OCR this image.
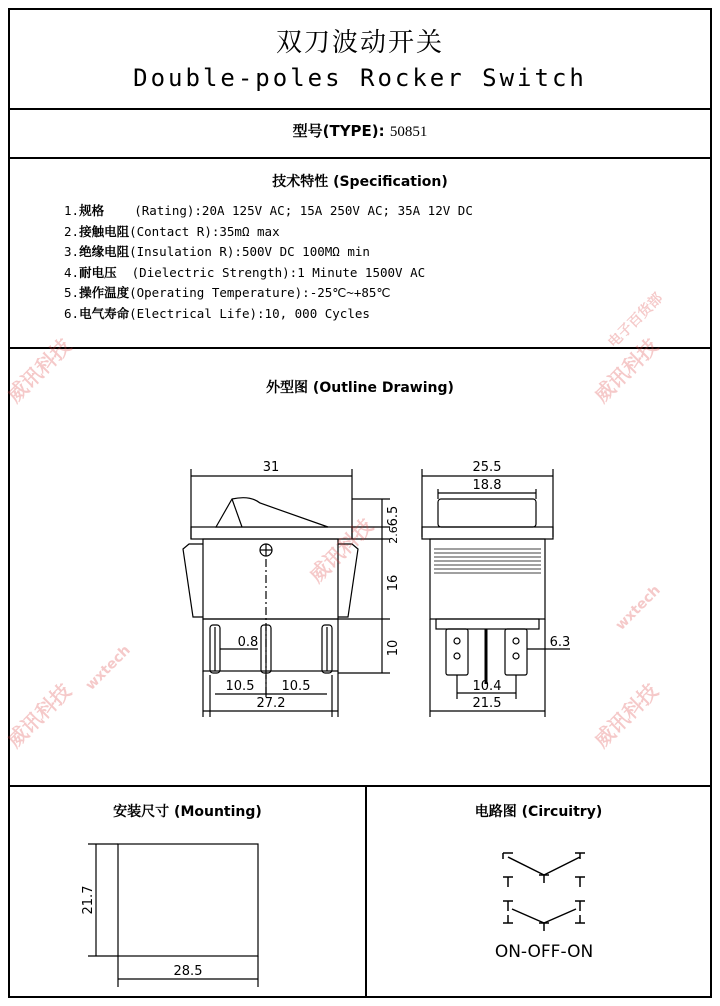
双刀波动开关
Double-poles Rocker Switch
型号(TYPE): 50851
技术特性 (Specification)
1.规格 (Rating):20A 125V AC; 15A 250V AC; 35A 12V DC
2.接触电阻(Contact R):35mΩ max
3.绝缘电阻(Insulation R):500V DC 100MΩ min
4.耐电压 (Dielectric Strength):1 Minute 1500V AC
5.操作温度(Operating Temperature):-25℃~+85℃
6.电气寿命(Electrical Life):10, 000 Cycles
外型图 (Outline Drawing)
31
6.5
2.6
16
10
0.8
10.5 10.5
27.2
25.5
18.8
6.3
10.4
21.5
安装尺寸 (Mounting)
21.7
28.5
电路图 (Circuitry)
ON-OFF-ON
威讯科技
威讯科技
威讯科技
威讯科技
威讯科技
wxtech
电子百货部
wxtech
